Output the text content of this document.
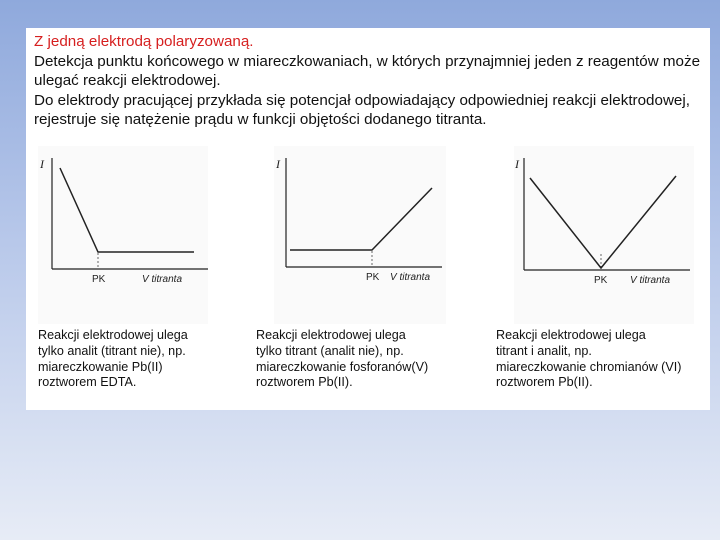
Z jedną elektrodą polaryzowaną.
Detekcja punktu końcowego w miareczkowaniach, w których przynajmniej jeden z reagentów może ulegać reakcji elektrodowej.
Do elektrody pracującej przykłada się potencjał odpowiadający odpowiedniej reakcji elektrodowej, rejestruje się natężenie prądu w funkcji objętości dodanego titranta.
I
PK	V titranta
I
PK V titranta
I
PK V titranta
Reakcji elektrodowej ulega
tylko analit (titrant nie), np.
miareczkowanie Pb(II)
roztworem EDTA.
Reakcji elektrodowej ulega
tylko titrant (analit nie), np.
miareczkowanie fosforanów(V)
roztworem Pb(II).
Reakcji elektrodowej ulega
titrant i analit, np.
miareczkowanie chromianów (VI)
roztworem Pb(II).
